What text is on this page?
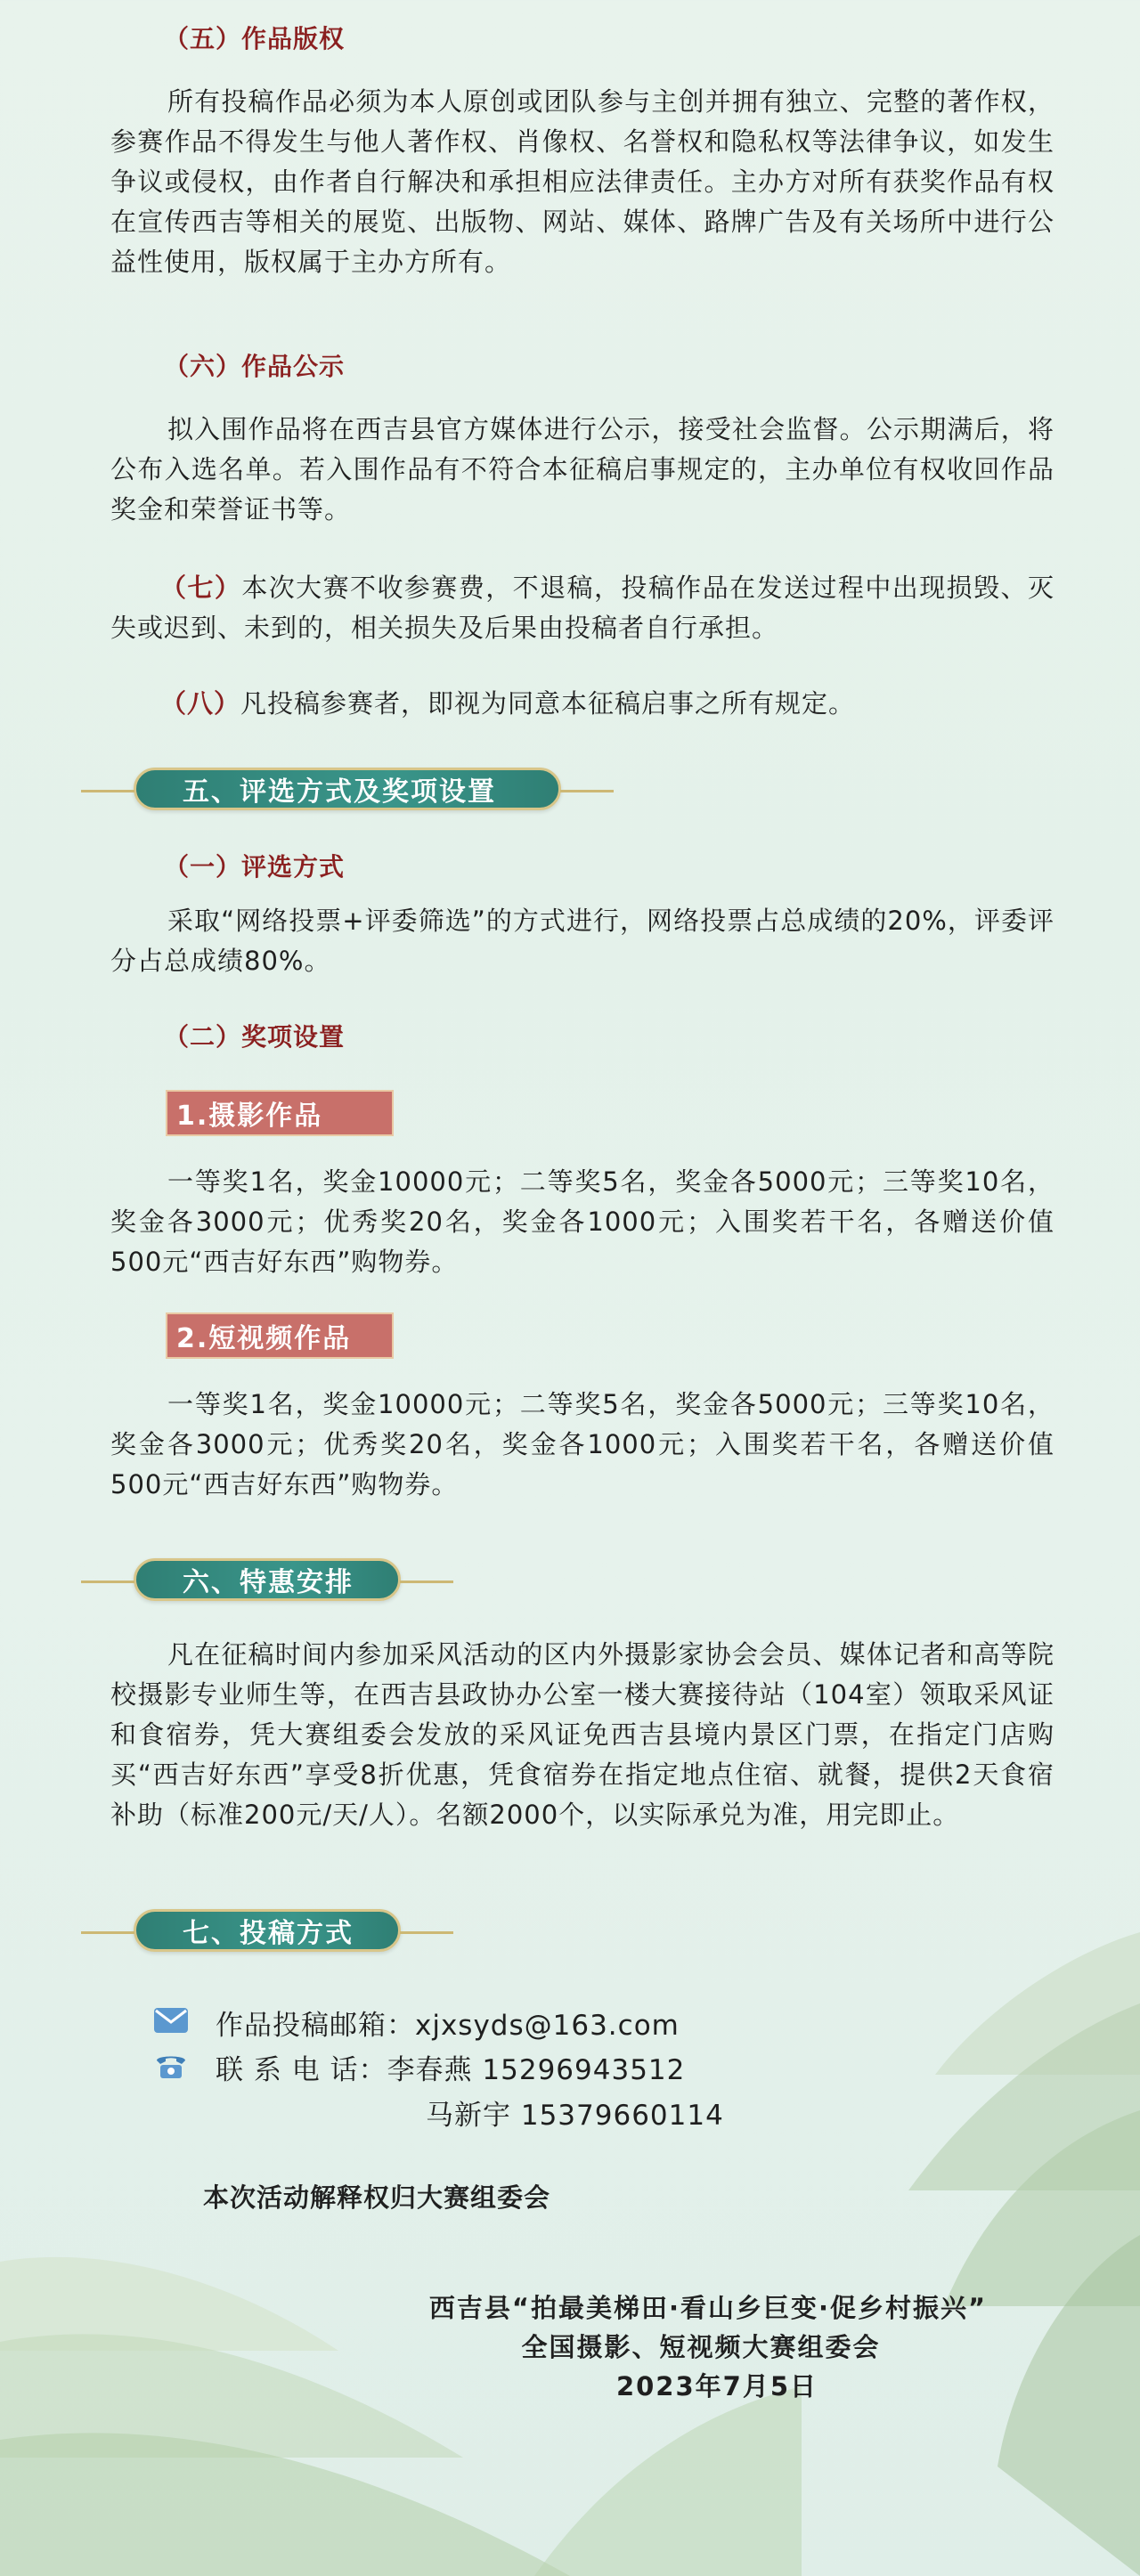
（五）作品版权
所有投稿作品必须为本人原创或团队参与主创并拥有独立、完整的著作权，参赛作品不得发生与他人著作权、肖像权、名誉权和隐私权等法律争议，如发生争议或侵权，由作者自行解决和承担相应法律责任。主办方对所有获奖作品有权在宣传西吉等相关的展览、出版物、网站、媒体、路牌广告及有关场所中进行公益性使用，版权属于主办方所有。
（六）作品公示
拟入围作品将在西吉县官方媒体进行公示，接受社会监督。公示期满后，将公布入选名单。若入围作品有不符合本征稿启事规定的，主办单位有权收回作品奖金和荣誉证书等。
（七）本次大赛不收参赛费，不退稿，投稿作品在发送过程中出现损毁、灭失或迟到、未到的，相关损失及后果由投稿者自行承担。
（八）凡投稿参赛者，即视为同意本征稿启事之所有规定。
五、评选方式及奖项设置
（一）评选方式
采取“网络投票+评委筛选”的方式进行，网络投票占总成绩的20%，评委评分占总成绩80%。
（二）奖项设置
1.摄影作品
一等奖1名，奖金10000元；二等奖5名，奖金各5000元；三等奖10名，奖金各3000元；优秀奖20名，奖金各1000元；入围奖若干名，各赠送价值500元“西吉好东西”购物券。
2.短视频作品
一等奖1名，奖金10000元；二等奖5名，奖金各5000元；三等奖10名，奖金各3000元；优秀奖20名，奖金各1000元；入围奖若干名，各赠送价值500元“西吉好东西”购物券。
六、特惠安排
凡在征稿时间内参加采风活动的区内外摄影家协会会员、媒体记者和高等院校摄影专业师生等，在西吉县政协办公室一楼大赛接待站（104室）领取采风证和食宿券，凭大赛组委会发放的采风证免西吉县境内景区门票，在指定门店购买“西吉好东西”享受8折优惠，凭食宿券在指定地点住宿、就餐，提供2天食宿补助（标准200元/天/人）。名额2000个，以实际承兑为准，用完即止。
七、投稿方式
作品投稿邮箱：xjxsyds@163.com
联 系 电 话：李春燕 15296943512
马新宇 15379660114
本次活动解释权归大赛组委会
西吉县“拍最美梯田·看山乡巨变·促乡村振兴”
全国摄影、短视频大赛组委会
2023年7月5日
